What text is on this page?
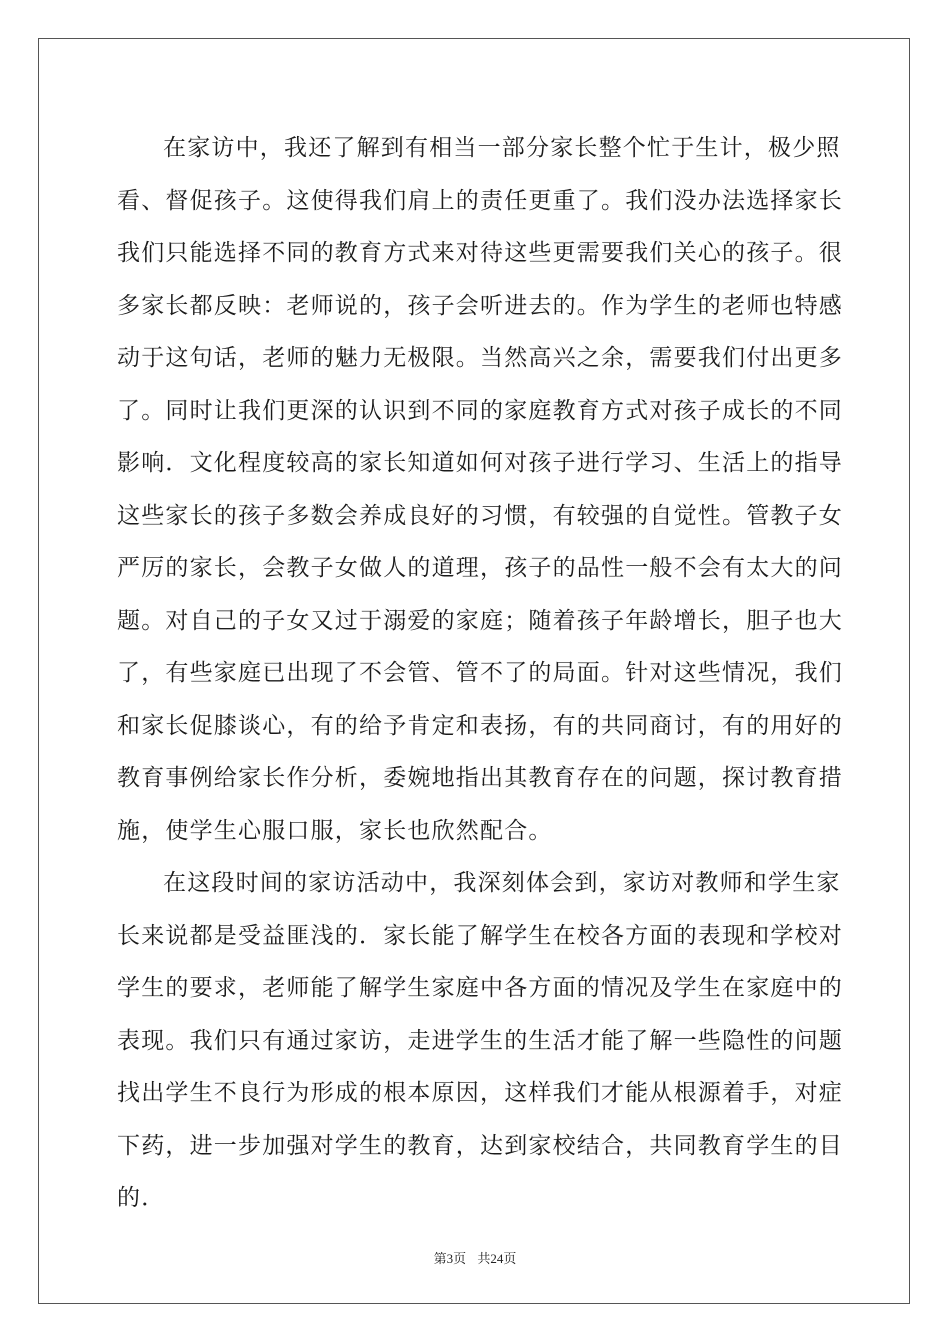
在家访中，我还了解到有相当一部分家长整个忙于生计，极少照
看、督促孩子。这使得我们肩上的责任更重了。我们没办法选择家长
我们只能选择不同的教育方式来对待这些更需要我们关心的孩子。很
多家长都反映：老师说的，孩子会听进去的。作为学生的老师也特感
动于这句话，老师的魅力无极限。当然高兴之余，需要我们付出更多
了。同时让我们更深的认识到不同的家庭教育方式对孩子成长的不同
影响．文化程度较高的家长知道如何对孩子进行学习、生活上的指导
这些家长的孩子多数会养成良好的习惯，有较强的自觉性。管教子女
严厉的家长，会教子女做人的道理，孩子的品性一般不会有太大的问
题。对自己的子女又过于溺爱的家庭；随着孩子年龄增长，胆子也大
了，有些家庭已出现了不会管、管不了的局面。针对这些情况，我们
和家长促膝谈心，有的给予肯定和表扬，有的共同商讨，有的用好的
教育事例给家长作分析，委婉地指出其教育存在的问题，探讨教育措
施，使学生心服口服，家长也欣然配合。
在这段时间的家访活动中，我深刻体会到，家访对教师和学生家
长来说都是受益匪浅的．家长能了解学生在校各方面的表现和学校对
学生的要求，老师能了解学生家庭中各方面的情况及学生在家庭中的
表现。我们只有通过家访，走进学生的生活才能了解一些隐性的问题
找出学生不良行为形成的根本原因，这样我们才能从根源着手，对症
下药，进一步加强对学生的教育，达到家校结合，共同教育学生的目
的．
第3页 共24页
